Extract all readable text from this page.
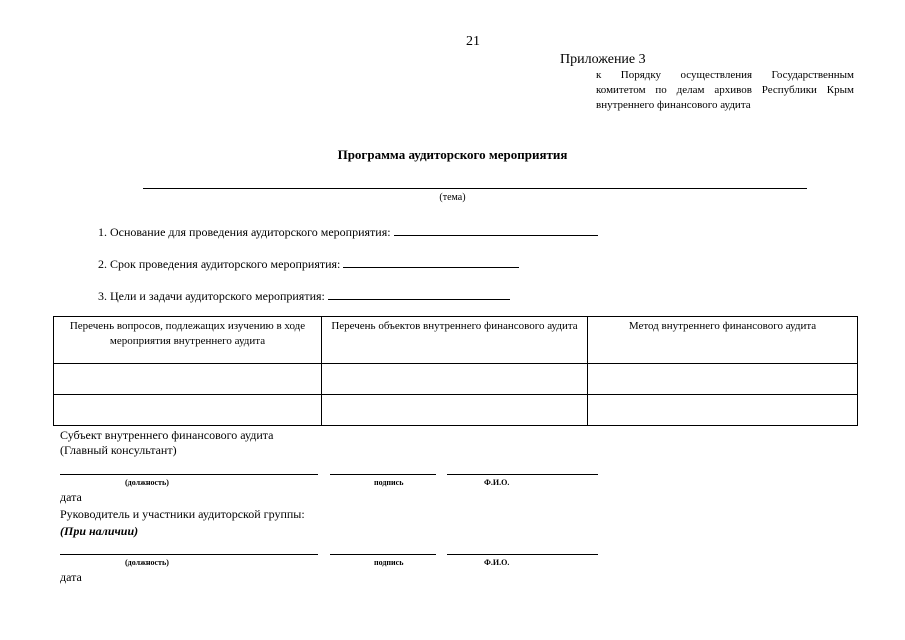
21
Приложение 3
к Порядку осуществления Государственным комитетом по делам архивов Республики Крым внутреннего финансового аудита
Программа аудиторского мероприятия
(тема)
1. Основание для проведения аудиторского мероприятия:
2. Срок проведения аудиторского мероприятия:
3. Цели и задачи аудиторского мероприятия:
Перечень вопросов, подлежащих изучению в ходе мероприятия внутреннего аудита	Перечень объектов внутреннего финансового аудита	Метод внутреннего финансового аудита

Субъект внутреннего финансового аудита
(Главный консультант)
(должность)	подпись	Ф.И.О.
дата
Руководитель и участники аудиторской группы:
(При наличии)
(должность)	подпись	Ф.И.О.
дата
